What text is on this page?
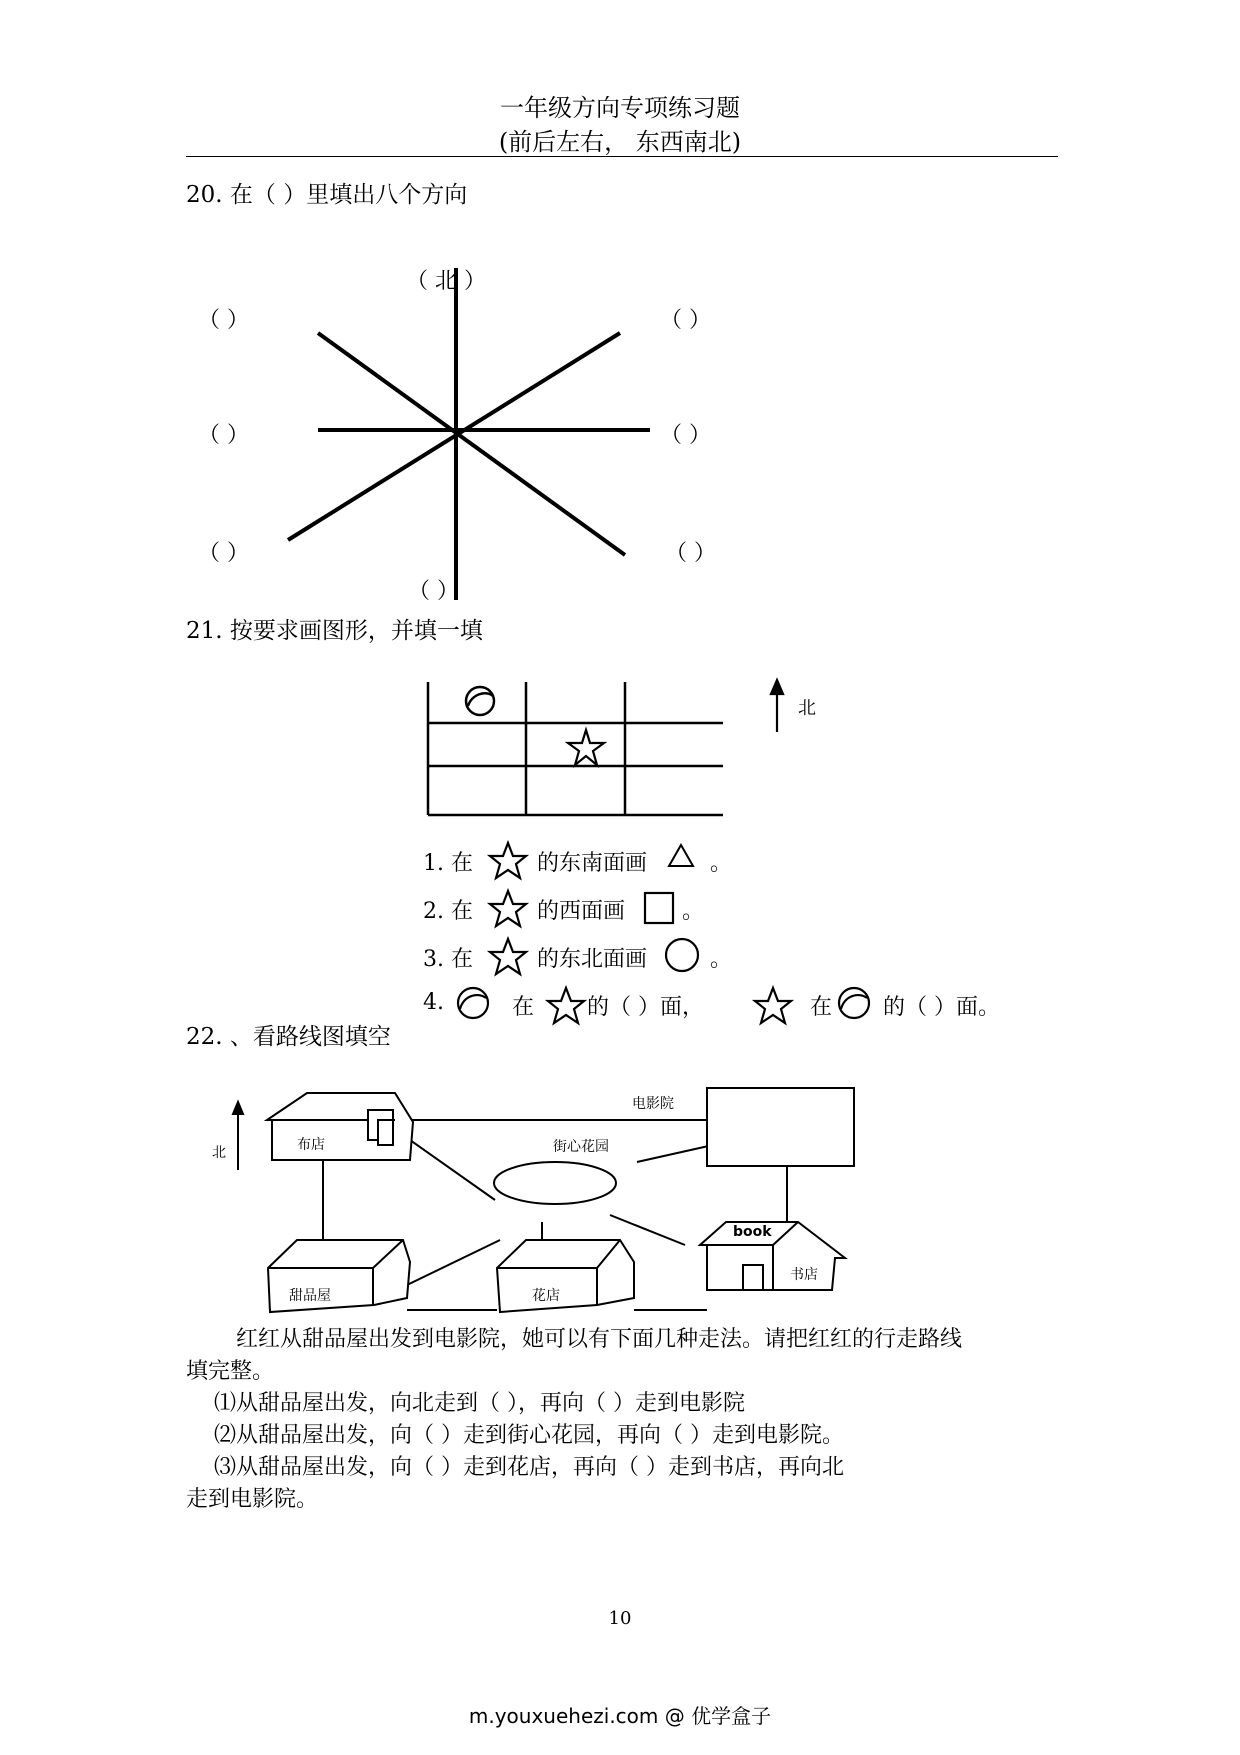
一年级方向专项练习题
(前后左右， 东西南北)
20. 在（ ）里填出八个方向
（ 北 ）
（ ）	（ ）
（ ）	（ ）
（ ）	（ ）
（ ）
21. 按要求画图形，并填一填
北
1. 在	的东南面画	。
2. 在	的西面画	。
3. 在	的东北面画	。
4.	在 的（ ）面，	在 的（ ）面。
22. 、看路线图填空
北	布店
电影院
街心花园
book
书店
甜品屋	花店
红红从甜品屋出发到电影院，她可以有下面几种走法。请把红红的行走路线
填完整。
⑴从甜品屋出发，向北走到（ ），再向（ ）走到电影院
⑵从甜品屋出发，向（ ）走到街心花园，再向（ ）走到电影院。
⑶从甜品屋出发，向（ ）走到花店，再向（ ）走到书店，再向北
走到电影院。
10
m.youxuehezi.com @ 优学盒子
